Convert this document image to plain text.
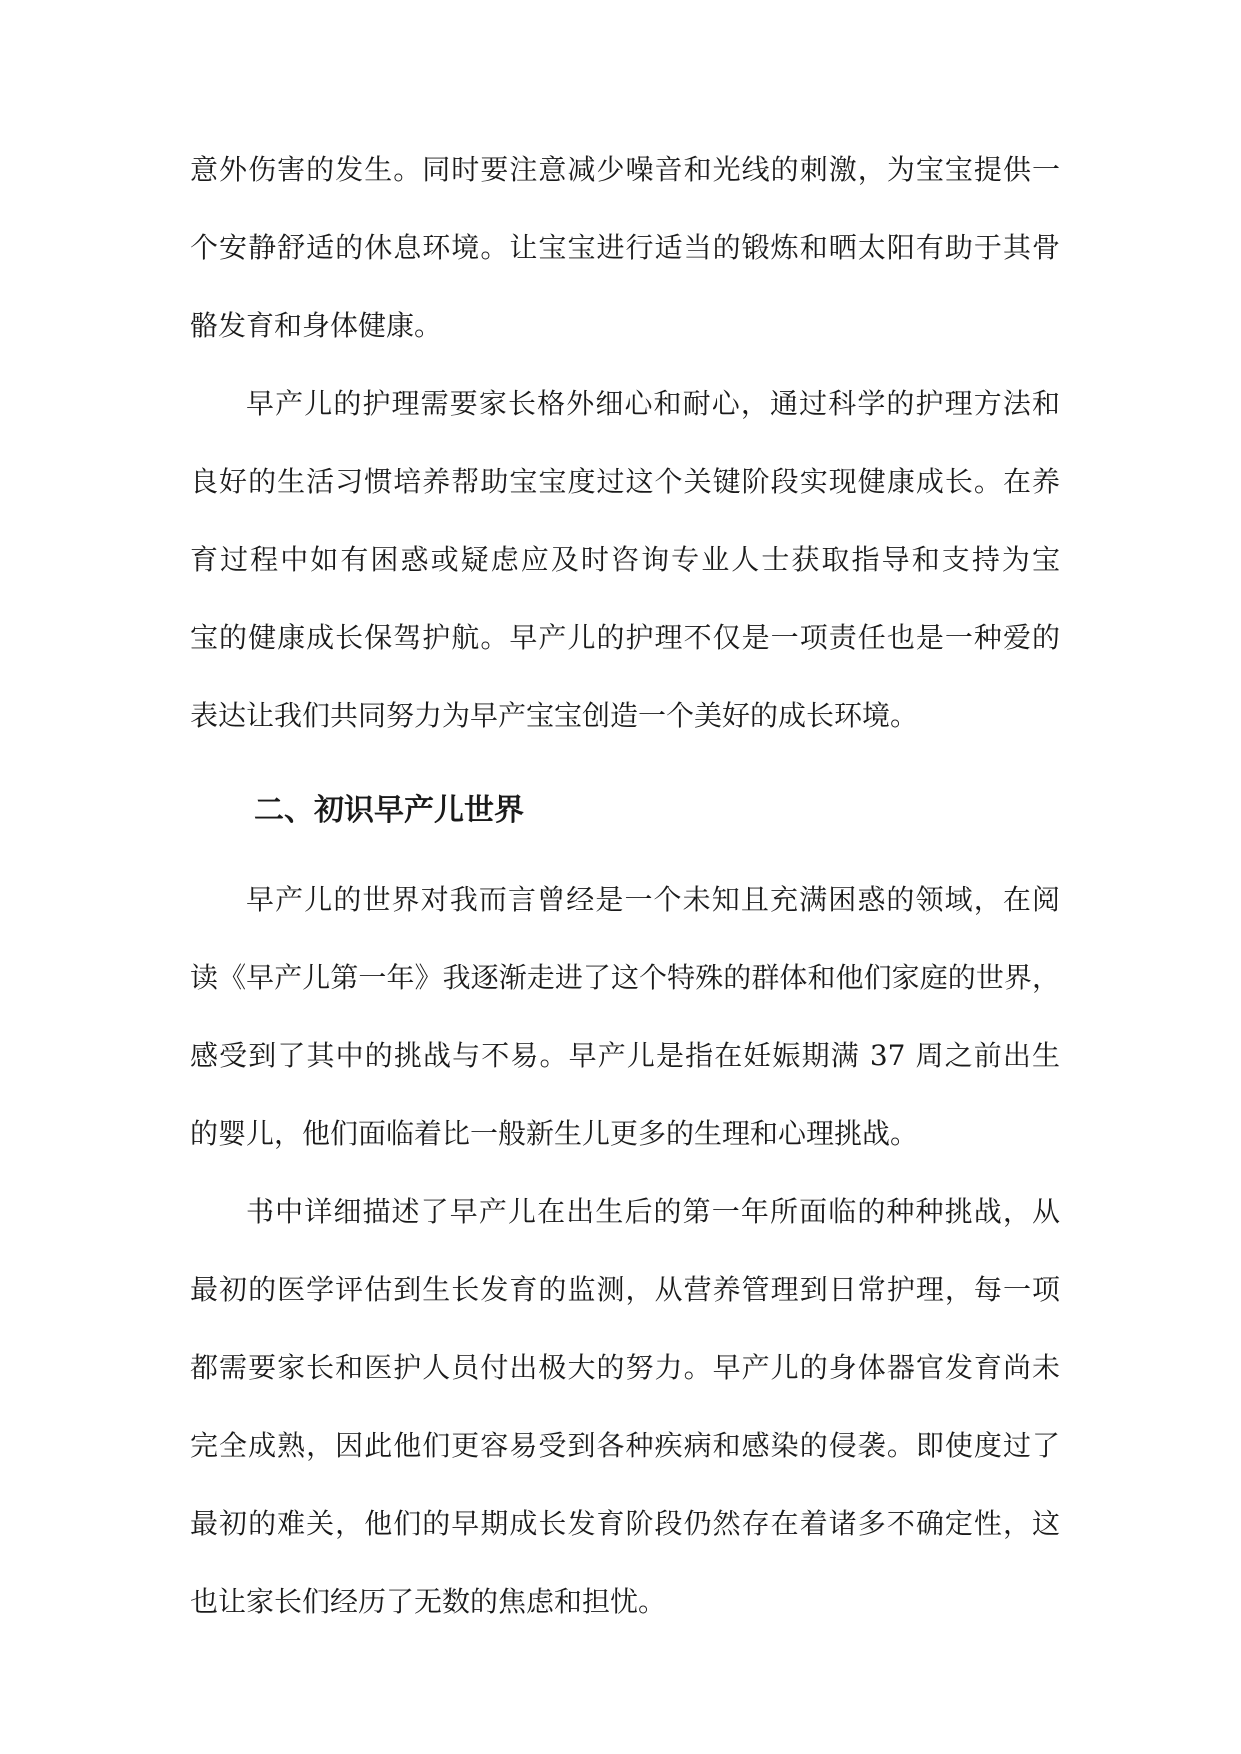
意外伤害的发生。同时要注意减少噪音和光线的刺激，为宝宝提供一
个安静舒适的休息环境。让宝宝进行适当的锻炼和晒太阳有助于其骨
骼发育和身体健康。
早产儿的护理需要家长格外细心和耐心，通过科学的护理方法和
良好的生活习惯培养帮助宝宝度过这个关键阶段实现健康成长。在养
育过程中如有困惑或疑虑应及时咨询专业人士获取指导和支持为宝
宝的健康成长保驾护航。早产儿的护理不仅是一项责任也是一种爱的
表达让我们共同努力为早产宝宝创造一个美好的成长环境。
二、初识早产儿世界
早产儿的世界对我而言曾经是一个未知且充满困惑的领域，在阅
读《早产儿第一年》我逐渐走进了这个特殊的群体和他们家庭的世界，
感受到了其中的挑战与不易。早产儿是指在妊娠期满 37 周之前出生
的婴儿，他们面临着比一般新生儿更多的生理和心理挑战。
书中详细描述了早产儿在出生后的第一年所面临的种种挑战，从
最初的医学评估到生长发育的监测，从营养管理到日常护理，每一项
都需要家长和医护人员付出极大的努力。早产儿的身体器官发育尚未
完全成熟，因此他们更容易受到各种疾病和感染的侵袭。即使度过了
最初的难关，他们的早期成长发育阶段仍然存在着诸多不确定性，这
也让家长们经历了无数的焦虑和担忧。
